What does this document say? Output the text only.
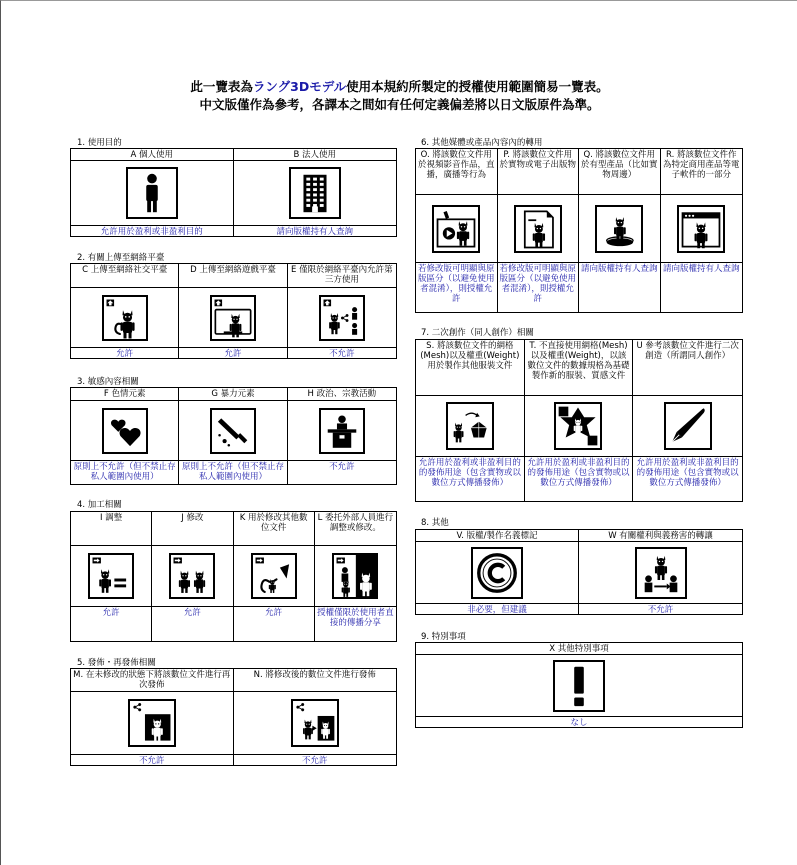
此一覽表為ラング3Dモデル使用本規約所製定的授權使用範圍簡易一覽表。
中文版僅作為參考，各譯本之間如有任何定義偏差將以日文版原件為準。
1. 使用目的
A 個人使用
允許用於盈利或非盈利目的
B 法人使用
請向版權持有人查詢
2. 有關上傳至網絡平臺
C 上傳至網絡社交平臺
允許
D 上傳至網絡遊戲平臺
允許
E 僅限於網絡平臺內允許第三方使用
不允許
3. 敏感內容相關
F 色情元素
原則上不允許（但不禁止存私人範圍內使用）
G 暴力元素
原則上不允許（但不禁止存私人範圍內使用）
H 政治、宗教活動
不允許
4. 加工相關
I 調整
允許
J 修改
允許
K 用於修改其他數位文件
允許
L 委托外部人員進行調整或修改。
授權僅限於使用者直接的傳播分享
5. 發佈・再發佈相關
M. 在未修改的狀態下將該數位文件進行再次發佈
不允許
N. 將修改後的數位文件進行發佈
不允許
6. 其他媒體或產品內容內的轉用
O. 將該數位文件用於視頻影音作品，直播，廣播等行為
若修改版可明顯與原版區分（以避免使用者混淆），則授權允許
P. 將該數位文件用於實物或電子出版物
若修改版可明顯與原版區分（以避免使用者混淆），則授權允許
Q. 將該數位文件用於有型產品（比如實物周邊）
請向版權持有人查詢
R. 將該數位文件作為特定商用產品等電子軟件的一部分
請向版權持有人查詢
7. 二次創作（同人創作）相關
S. 將該數位文件的網格(Mesh)以及權重(Weight)用於製作其他服裝文件
允許用於盈利或非盈利目的的發佈用途（包含實物或以數位方式傳播發佈）
T. 不直接使用網格(Mesh)以及權重(Weight)，以該數位文件的數據規格為基礎製作新的服裝、質感文件
允許用於盈利或非盈利目的的發佈用途（包含實物或以數位方式傳播發佈）
U 參考該數位文件進行二次創造（所謂同人創作）
允許用於盈利或非盈利目的的發佈用途（包含實物或以數位方式傳播發佈）
8. 其他
V. 版權/製作名義標記
非必要，但建議
W 有關權利與義務害的轉讓
不允許
9. 特別事項
X 其他特別事項
なし
